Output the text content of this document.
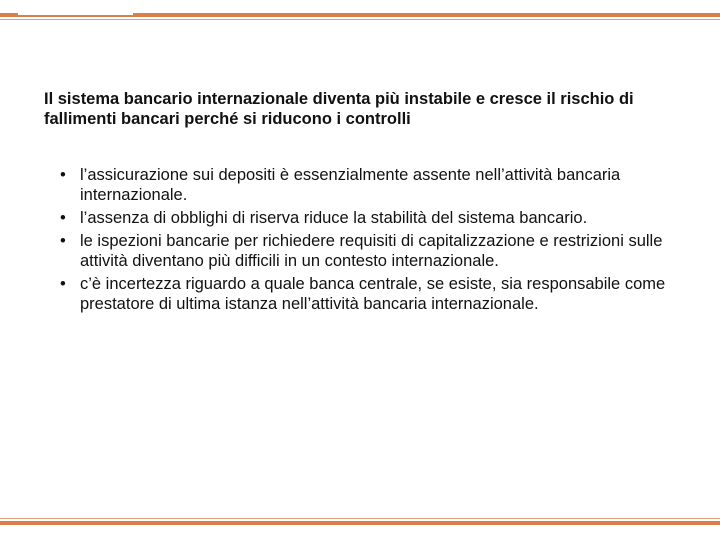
Il sistema bancario internazionale diventa più instabile e cresce il rischio di fallimenti bancari perché si riducono i controlli
• l’assicurazione sui depositi è essenzialmente assente nell’attività bancaria internazionale.
• l’assenza di obblighi di riserva riduce la stabilità del sistema bancario.
• le ispezioni bancarie per richiedere requisiti di capitalizzazione e restrizioni sulle attività diventano più difficili in un contesto internazionale.
• c’è incertezza riguardo a quale banca centrale, se esiste, sia responsabile come prestatore di ultima istanza nell’attività bancaria internazionale.
